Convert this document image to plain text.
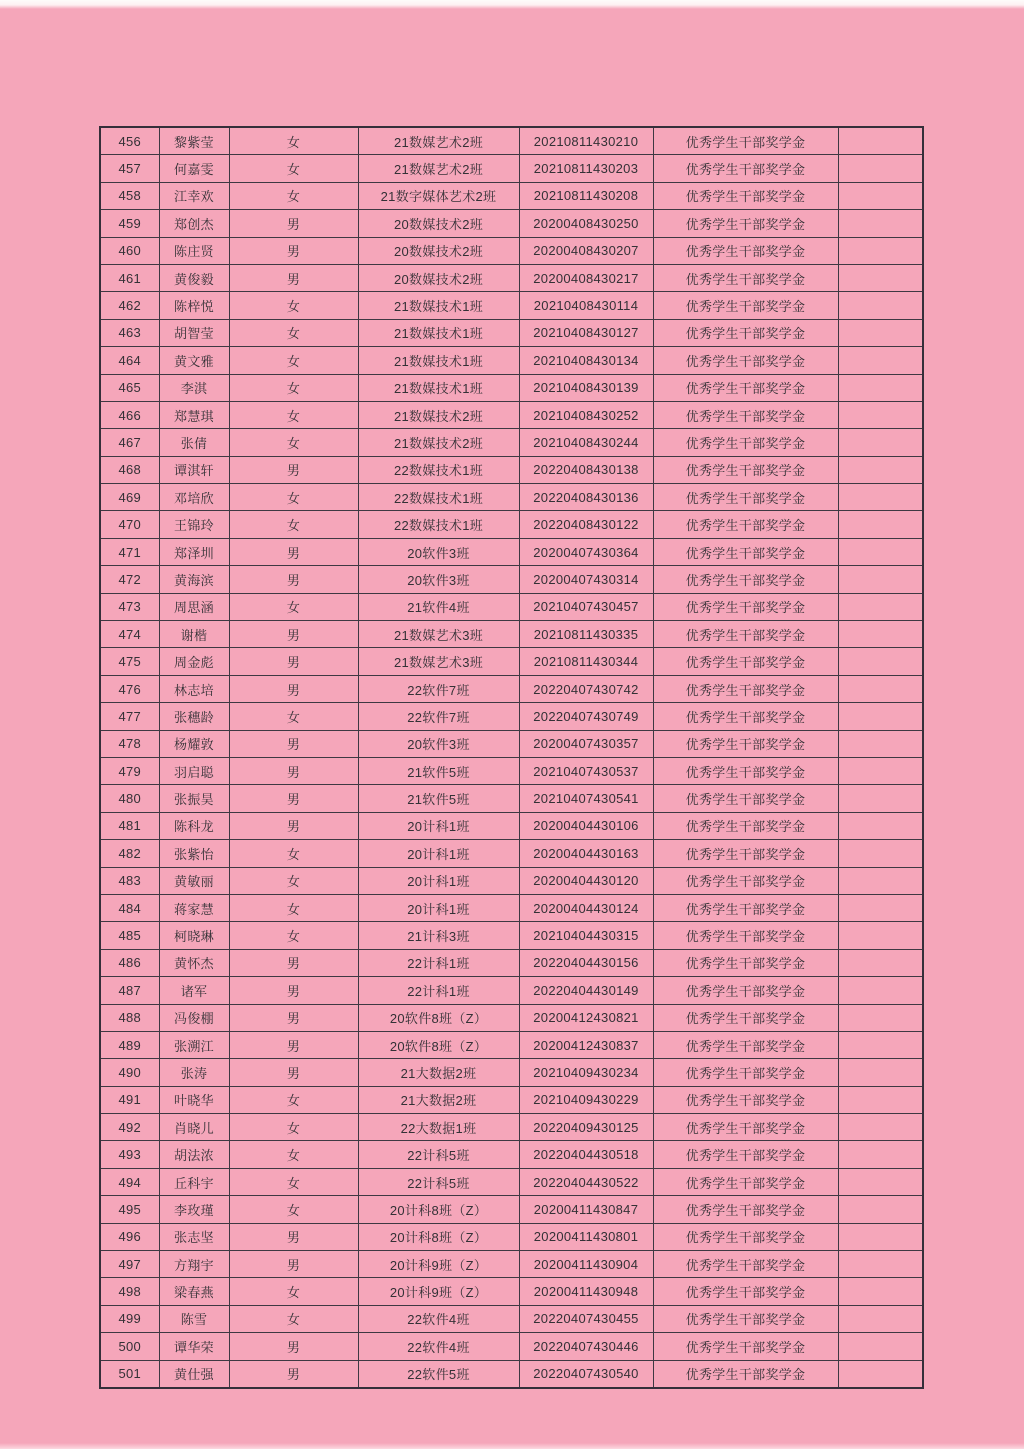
456	黎紫莹	女	21数媒艺术2班	20210811430210	优秀学生干部奖学金	
457	何嘉雯	女	21数媒艺术2班	20210811430203	优秀学生干部奖学金	
458	江幸欢	女	21数字媒体艺术2班	20210811430208	优秀学生干部奖学金	
459	郑创杰	男	20数媒技术2班	20200408430250	优秀学生干部奖学金	
460	陈庄贤	男	20数媒技术2班	20200408430207	优秀学生干部奖学金	
461	黄俊毅	男	20数媒技术2班	20200408430217	优秀学生干部奖学金	
462	陈梓悦	女	21数媒技术1班	20210408430114	优秀学生干部奖学金	
463	胡智莹	女	21数媒技术1班	20210408430127	优秀学生干部奖学金	
464	黄文雅	女	21数媒技术1班	20210408430134	优秀学生干部奖学金	
465	李淇	女	21数媒技术1班	20210408430139	优秀学生干部奖学金	
466	郑慧琪	女	21数媒技术2班	20210408430252	优秀学生干部奖学金	
467	张倩	女	21数媒技术2班	20210408430244	优秀学生干部奖学金	
468	谭淇轩	男	22数媒技术1班	20220408430138	优秀学生干部奖学金	
469	邓培欣	女	22数媒技术1班	20220408430136	优秀学生干部奖学金	
470	王锦玲	女	22数媒技术1班	20220408430122	优秀学生干部奖学金	
471	郑泽圳	男	20软件3班	20200407430364	优秀学生干部奖学金	
472	黄海滨	男	20软件3班	20200407430314	优秀学生干部奖学金	
473	周思涵	女	21软件4班	20210407430457	优秀学生干部奖学金	
474	谢楷	男	21数媒艺术3班	20210811430335	优秀学生干部奖学金	
475	周金彪	男	21数媒艺术3班	20210811430344	优秀学生干部奖学金	
476	林志培	男	22软件7班	20220407430742	优秀学生干部奖学金	
477	张穗龄	女	22软件7班	20220407430749	优秀学生干部奖学金	
478	杨耀敦	男	20软件3班	20200407430357	优秀学生干部奖学金	
479	羽启聪	男	21软件5班	20210407430537	优秀学生干部奖学金	
480	张振昊	男	21软件5班	20210407430541	优秀学生干部奖学金	
481	陈科龙	男	20计科1班	20200404430106	优秀学生干部奖学金	
482	张紫怡	女	20计科1班	20200404430163	优秀学生干部奖学金	
483	黄敏丽	女	20计科1班	20200404430120	优秀学生干部奖学金	
484	蒋家慧	女	20计科1班	20200404430124	优秀学生干部奖学金	
485	柯晓琳	女	21计科3班	20210404430315	优秀学生干部奖学金	
486	黄怀杰	男	22计科1班	20220404430156	优秀学生干部奖学金	
487	诸军	男	22计科1班	20220404430149	优秀学生干部奖学金	
488	冯俊棚	男	20软件8班（Z）	20200412430821	优秀学生干部奖学金	
489	张溯江	男	20软件8班（Z）	20200412430837	优秀学生干部奖学金	
490	张涛	男	21大数据2班	20210409430234	优秀学生干部奖学金	
491	叶晓华	女	21大数据2班	20210409430229	优秀学生干部奖学金	
492	肖晓儿	女	22大数据1班	20220409430125	优秀学生干部奖学金	
493	胡法浓	女	22计科5班	20220404430518	优秀学生干部奖学金	
494	丘科宇	女	22计科5班	20220404430522	优秀学生干部奖学金	
495	李玫瑾	女	20计科8班（Z）	20200411430847	优秀学生干部奖学金	
496	张志坚	男	20计科8班（Z）	20200411430801	优秀学生干部奖学金	
497	方翔宇	男	20计科9班（Z）	20200411430904	优秀学生干部奖学金	
498	梁春燕	女	20计科9班（Z）	20200411430948	优秀学生干部奖学金	
499	陈雪	女	22软件4班	20220407430455	优秀学生干部奖学金	
500	谭华荣	男	22软件4班	20220407430446	优秀学生干部奖学金	
501	黄仕强	男	22软件5班	20220407430540	优秀学生干部奖学金	
